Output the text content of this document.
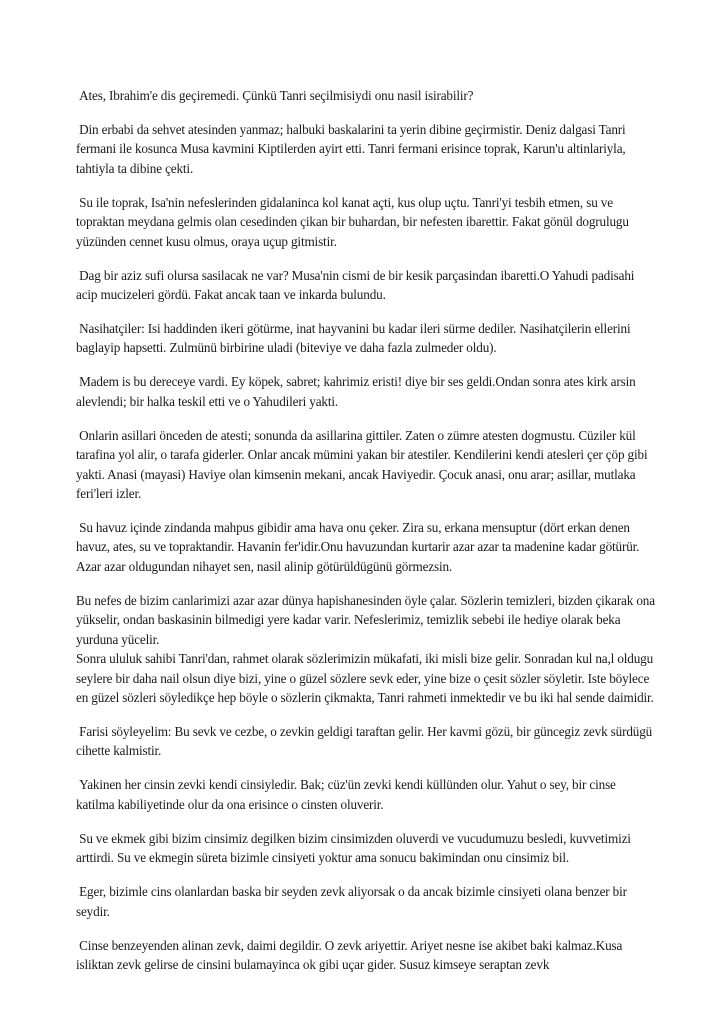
Ates, Ibrahim'e dis geçiremedi. Çünkü Tanri seçilmisiydi onu nasil isirabilir?

Din erbabi da sehvet atesinden yanmaz; halbuki baskalarini ta yerin dibine geçirmistir. Deniz dalgasi Tanri fermani ile kosunca Musa kavmini Kiptilerden ayirt etti. Tanri fermani erisince toprak, Karun'u altinlariyla, tahtiyla ta dibine çekti.

Su ile toprak, Isa'nin nefeslerinden gidalaninca kol kanat açti, kus olup uçtu. Tanri'yi tesbih etmen, su ve topraktan meydana gelmis olan cesedinden çikan bir buhardan, bir nefesten ibarettir. Fakat gönül dogrulugu yüzünden cennet kusu olmus, oraya uçup gitmistir.

Dag bir aziz sufi olursa sasilacak ne var? Musa'nin cismi de bir kesik parçasindan ibaretti.O Yahudi padisahi acip mucizeleri gördü. Fakat ancak taan ve inkarda bulundu.

Nasihatçiler: Isi haddinden ikeri götürme, inat hayvanini bu kadar ileri sürme dediler. Nasihatçilerin ellerini baglayip hapsetti. Zulmünü birbirine uladi (biteviye ve daha fazla zulmeder oldu).

Madem is bu dereceye vardi. Ey köpek, sabret; kahrimiz eristi! diye bir ses geldi.Ondan sonra ates kirk arsin alevlendi; bir halka teskil etti ve o Yahudileri yakti.

Onlarin asillari önceden de atesti; sonunda da asillarina gittiler. Zaten o zümre atesten dogmustu. Cüziler kül tarafina yol alir, o tarafa giderler. Onlar ancak mümini yakan bir atestiler. Kendilerini kendi atesleri çer çöp gibi yakti. Anasi (mayasi) Haviye olan kimsenin mekani, ancak Haviyedir. Çocuk anasi, onu arar; asillar, mutlaka feri'leri izler.

Su havuz içinde zindanda mahpus gibidir ama hava onu çeker. Zira su, erkana mensuptur (dört erkan denen havuz, ates, su ve topraktandir. Havanin fer'idir.Onu havuzundan kurtarir azar azar ta madenine kadar götürür. Azar azar oldugundan nihayet sen, nasil alinip götürüldügünü görmezsin.

Bu nefes de bizim canlarimizi azar azar dünya hapishanesinden öyle çalar. Sözlerin temizleri, bizden çikarak ona yükselir, ondan baskasinin bilmedigi yere kadar varir. Nefeslerimiz, temizlik sebebi ile hediye olarak beka yurduna yücelir.

Sonra ululuk sahibi Tanri'dan, rahmet olarak sözlerimizin mükafati, iki misli bize gelir. Sonradan kul na,l oldugu seylere bir daha nail olsun diye bizi, yine o güzel sözlere sevk eder, yine bize o çesit sözler söyletir. Iste böylece en güzel sözleri söyledikçe hep böyle o sözlerin çikmakta, Tanri rahmeti inmektedir ve bu iki hal sende daimidir.

Farisi söyleyelim: Bu sevk ve cezbe, o zevkin geldigi taraftan gelir. Her kavmi gözü, bir güncegiz zevk sürdügü cihette kalmistir.

Yakinen her cinsin zevki kendi cinsiyledir. Bak; cüz'ün zevki kendi küllünden olur. Yahut o sey, bir cinse katilma kabiliyetinde olur da ona erisince o cinsten oluverir.

Su ve ekmek gibi bizim cinsimiz degilken bizim cinsimizden oluverdi ve vucudumuzu besledi, kuvvetimizi arttirdi. Su ve ekmegin süreta bizimle cinsiyeti yoktur ama sonucu bakimindan onu cinsimiz bil.

Eger, bizimle cins olanlardan baska bir seyden zevk aliyorsak o da ancak bizimle cinsiyeti olana benzer bir seydir.

Cinse benzeyenden alinan zevk, daimi degildir. O zevk ariyettir. Ariyet nesne ise akibet baki kalmaz.Kusa isliktan zevk gelirse de cinsini bulamayinca ok gibi uçar gider. Susuz kimseye seraptan zevk
